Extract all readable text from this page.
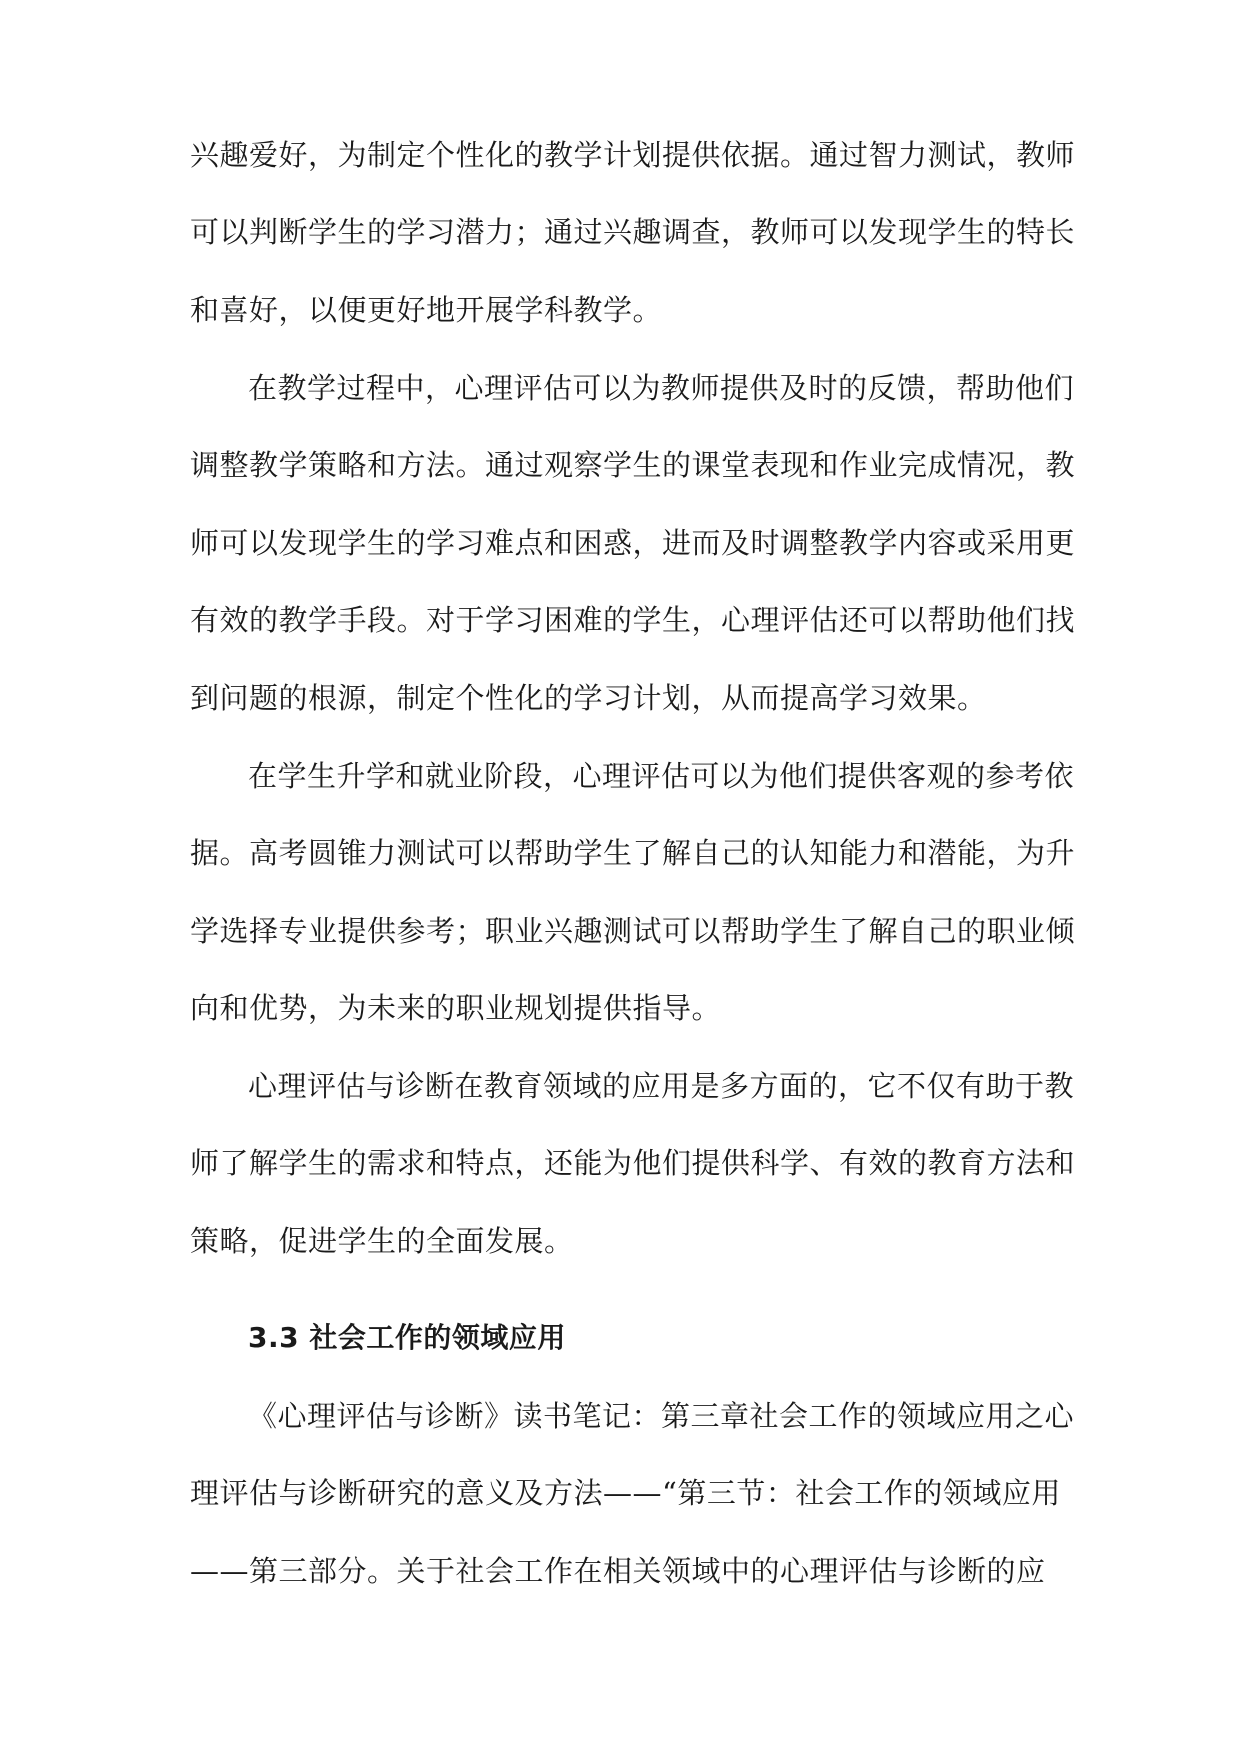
兴趣爱好，为制定个性化的教学计划提供依据。通过智力测试，教师
可以判断学生的学习潜力；通过兴趣调查，教师可以发现学生的特长
和喜好，以便更好地开展学科教学。
在教学过程中，心理评估可以为教师提供及时的反馈，帮助他们
调整教学策略和方法。通过观察学生的课堂表现和作业完成情况，教
师可以发现学生的学习难点和困惑，进而及时调整教学内容或采用更
有效的教学手段。对于学习困难的学生，心理评估还可以帮助他们找
到问题的根源，制定个性化的学习计划，从而提高学习效果。
在学生升学和就业阶段，心理评估可以为他们提供客观的参考依
据。高考圆锥力测试可以帮助学生了解自己的认知能力和潜能，为升
学选择专业提供参考；职业兴趣测试可以帮助学生了解自己的职业倾
向和优势，为未来的职业规划提供指导。
心理评估与诊断在教育领域的应用是多方面的，它不仅有助于教
师了解学生的需求和特点，还能为他们提供科学、有效的教育方法和
策略，促进学生的全面发展。
3.3 社会工作的领域应用
《心理评估与诊断》读书笔记：第三章社会工作的领域应用之心
理评估与诊断研究的意义及方法——“第三节：社会工作的领域应用
——第三部分。关于社会工作在相关领域中的心理评估与诊断的应
